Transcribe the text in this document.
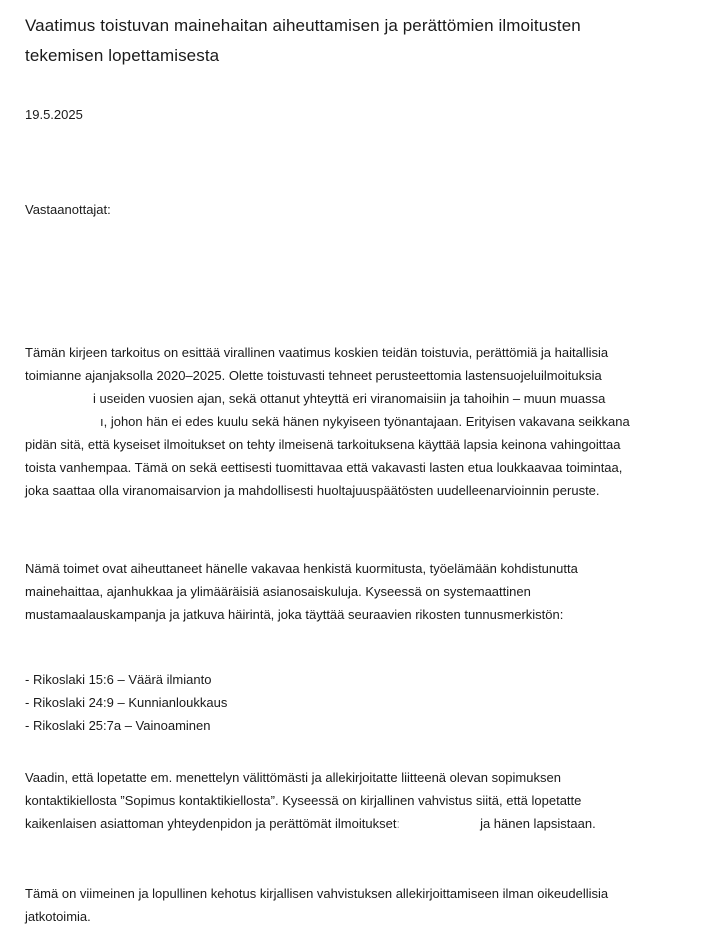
Vaatimus toistuvan mainehaitan aiheuttamisen ja perättömien ilmoitusten
tekemisen lopettamisesta
19.5.2025
Vastaanottajat:
Tämän kirjeen tarkoitus on esittää virallinen vaatimus koskien teidän toistuvia, perättömiä ja haitallisia
toimianne ajanjaksolla 2020–2025. Olette toistuvasti tehneet perusteettomia lastensuojeluilmoituksia
i useiden vuosien ajan, sekä ottanut yhteyttä eri viranomaisiin ja tahoihin – muun muassa
ı, johon hän ei edes kuulu sekä hänen nykyiseen työnantajaan. Erityisen vakavana seikkana
pidän sitä, että kyseiset ilmoitukset on tehty ilmeisenä tarkoituksena käyttää lapsia keinona vahingoittaa
toista vanhempaa. Tämä on sekä eettisesti tuomittavaa että vakavasti lasten etua loukkaavaa toimintaa,
joka saattaa olla viranomaisarvion ja mahdollisesti huoltajuuspäätösten uudelleenarvioinnin peruste.
Nämä toimet ovat aiheuttaneet hänelle vakavaa henkistä kuormitusta, työelämään kohdistunutta
mainehaittaa, ajanhukkaa ja ylimääräisiä asianosaiskuluja. Kyseessä on systemaattinen
mustamaalauskampanja ja jatkuva häirintä, joka täyttää seuraavien rikosten tunnusmerkistön:
- Rikoslaki 15:6 – Väärä ilmianto
- Rikoslaki 24:9 – Kunnianloukkaus
- Rikoslaki 25:7a – Vainoaminen
Vaadin, että lopetatte em. menettelyn välittömästi ja allekirjoitatte liitteenä olevan sopimuksen
kontaktikiellosta ”Sopimus kontaktikiellosta”. Kyseessä on kirjallinen vahvistus siitä, että lopetatte
kaikenlaisen asiattoman yhteydenpidon ja perättömät ilmoitukset:	ja hänen lapsistaan.
Tämä on viimeinen ja lopullinen kehotus kirjallisen vahvistuksen allekirjoittamiseen ilman oikeudellisia
jatkotoimia.
